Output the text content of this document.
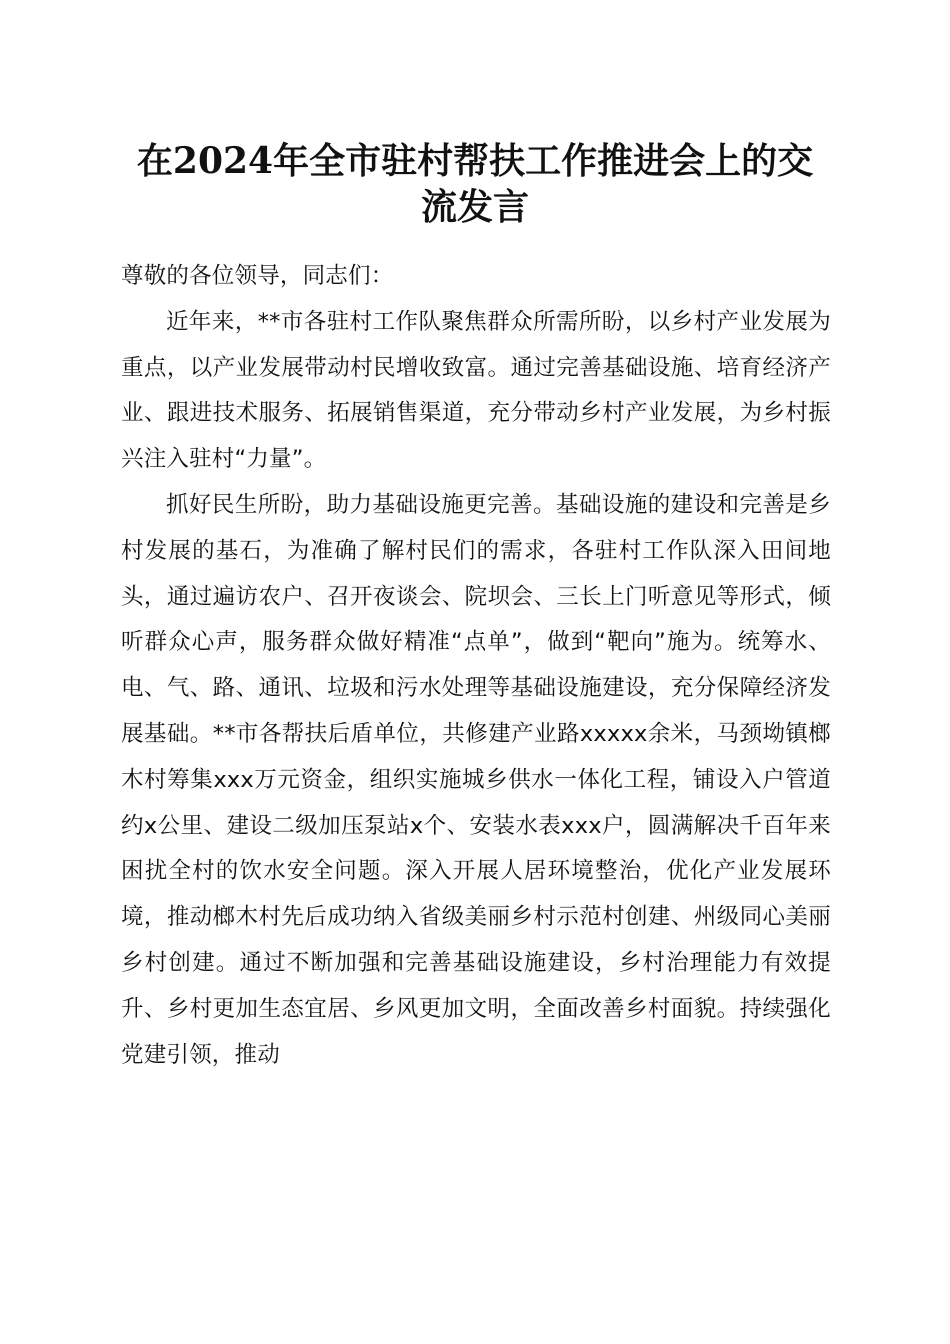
在2024年全市驻村帮扶工作推进会上的交流发言

尊敬的各位领导，同志们：

近年来，**市各驻村工作队聚焦群众所需所盼，以乡村产业发展为重点，以产业发展带动村民增收致富。通过完善基础设施、培育经济产业、跟进技术服务、拓展销售渠道，充分带动乡村产业发展，为乡村振兴注入驻村“力量”。

抓好民生所盼，助力基础设施更完善。基础设施的建设和完善是乡村发展的基石，为准确了解村民们的需求，各驻村工作队深入田间地头，通过遍访农户、召开夜谈会、院坝会、三长上门听意见等形式，倾听群众心声，服务群众做好精准“点单”，做到“靶向”施为。统筹水、电、气、路、通讯、垃圾和污水处理等基础设施建设，充分保障经济发展基础。**市各帮扶后盾单位，共修建产业路xxxxx余米，马颈坳镇榔木村筹集xxx万元资金，组织实施城乡供水一体化工程，铺设入户管道约x公里、建设二级加压泵站x个、安装水表xxx户，圆满解决千百年来困扰全村的饮水安全问题。深入开展人居环境整治，优化产业发展环境，推动榔木村先后成功纳入省级美丽乡村示范村创建、州级同心美丽乡村创建。通过不断加强和完善基础设施建设，乡村治理能力有效提升、乡村更加生态宜居、乡风更加文明，全面改善乡村面貌。持续强化党建引领，推动
